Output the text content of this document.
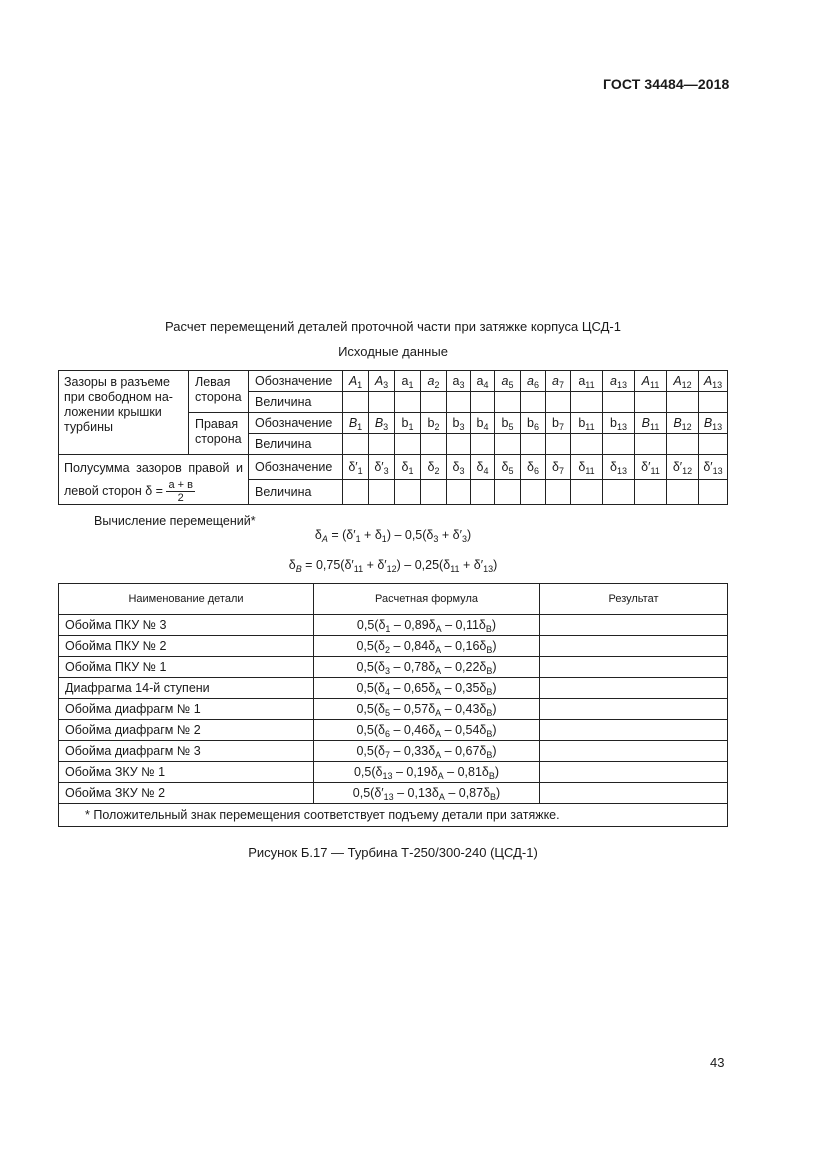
ГОСТ 34484—2018
Расчет перемещений деталей проточной части при затяжке корпуса ЦСД-1
Исходные данные
Зазоры в разъеме при свободном на-ложении крышки турбины	Левая сторона	Обозначение	$A_1$	$A_3$	$a_1$	$a_2$	$a_3$	$a_4$	$a_5$	$a_6$	$a_7$	$a_{11}$	$a_{13}$	$A_{11}$	$A_{12}$	$A_{13}$
		Величина														
	Правая сторона	Обозначение	$B_1$	$B_3$	$b_1$	$b_2$	$b_3$	$b_4$	$b_5$	$b_6$	$b_7$	$b_{11}$	$b_{13}$	$B_{11}$	$B_{12}$	$B_{13}$
		Величина														
Полусумма зазоров правой и левой сторон $\delta = \frac{а + в}{2}$		Обозначение	$\delta'_1$	$\delta'_3$	$\delta_1$	$\delta_2$	$\delta_3$	$\delta_4$	$\delta_5$	$\delta_6$	$\delta_7$	$\delta_{11}$	$\delta_{13}$	$\delta'_{11}$	$\delta'_{12}$	$\delta'_{13}$
		Величина														
Вычисление перемещений*
$\delta_A = (\delta'_1 + \delta_1) - 0,5(\delta_3 + \delta'_3)$
$\delta_B = 0,75(\delta'_{11} + \delta'_{12}) - 0,25(\delta_{11} + \delta'_{13})$
Наименование детали	Расчетная формула	Результат
Обойма ПКУ № 3	$0,5(\delta_1 - 0,89\delta_A - 0,11\delta_B)$	
Обойма ПКУ № 2	$0,5(\delta_2 - 0,84\delta_A - 0,16\delta_B)$	
Обойма ПКУ № 1	$0,5(\delta_3 - 0,78\delta_A - 0,22\delta_B)$	
Диафрагма 14-й ступени	$0,5(\delta_4 - 0,65\delta_A - 0,35\delta_B)$	
Обойма диафрагм № 1	$0,5(\delta_5 - 0,57\delta_A - 0,43\delta_B)$	
Обойма диафрагм № 2	$0,5(\delta_6 - 0,46\delta_A - 0,54\delta_B)$	
Обойма диафрагм № 3	$0,5(\delta_7 - 0,33\delta_A - 0,67\delta_B)$	
Обойма ЗКУ № 1	$0,5(\delta_{13} - 0,19\delta_A - 0,81\delta_B)$	
Обойма ЗКУ № 2	$0,5(\delta'_{13} - 0,13\delta_A - 0,87\delta_B)$	
* Положительный знак перемещения соответствует подъему детали при затяжке.		
Рисунок Б.17 — Турбина Т-250/300-240 (ЦСД-1)
43
